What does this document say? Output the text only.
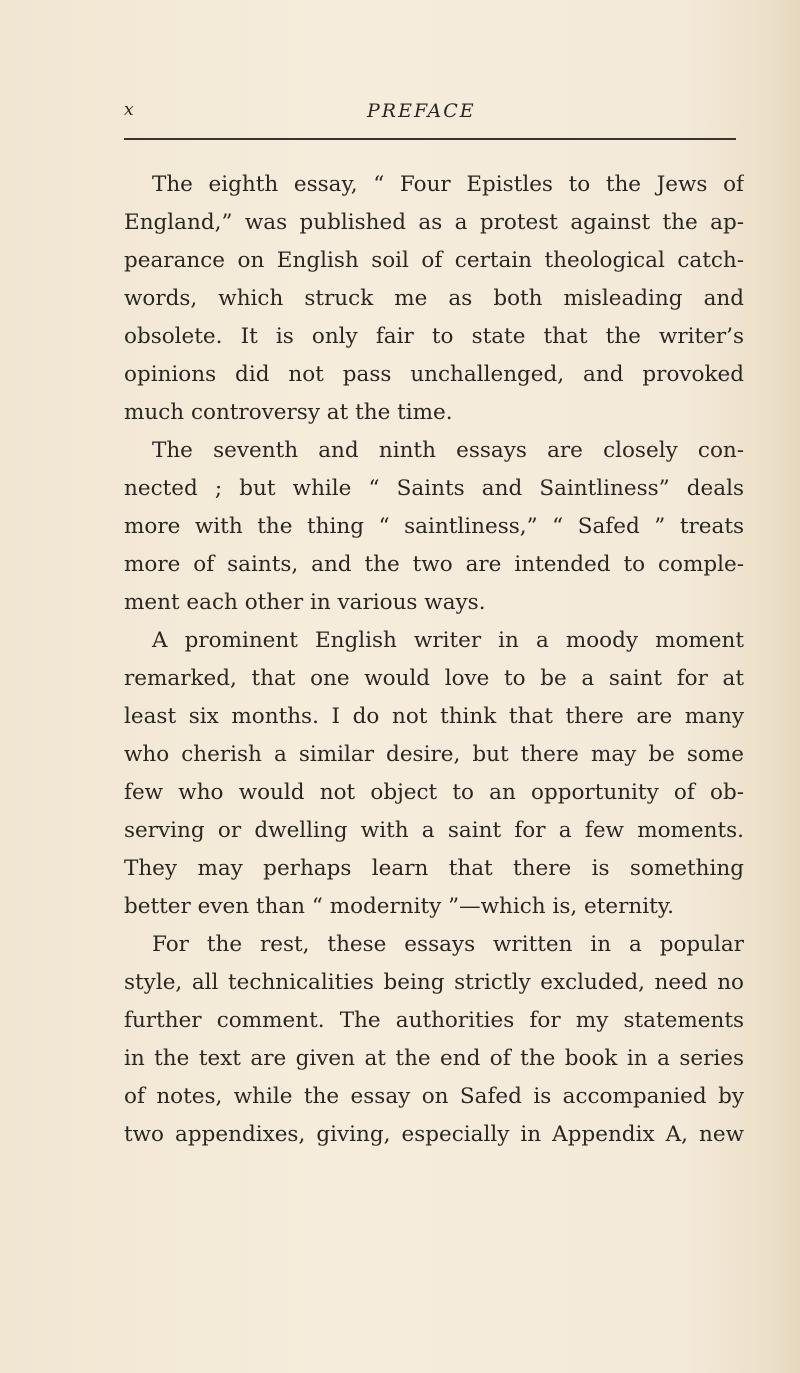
x	PREFACE
The eighth essay, “ Four Epistles to the Jews of
England,” was published as a protest against the ap-
pearance on English soil of certain theological catch-
words, which struck me as both misleading and
obsolete. It is only fair to state that the writer’s
opinions did not pass unchallenged, and provoked
much controversy at the time.
The seventh and ninth essays are closely con-
nected ; but while “ Saints and Saintliness” deals
more with the thing “ saintliness,” “ Safed ” treats
more of saints, and the two are intended to comple-
ment each other in various ways.
A prominent English writer in a moody moment
remarked, that one would love to be a saint for at
least six months. I do not think that there are many
who cherish a similar desire, but there may be some
few who would not object to an opportunity of ob-
serving or dwelling with a saint for a few moments.
They may perhaps learn that there is something
better even than “ modernity ”—which is, eternity.
For the rest, these essays written in a popular
style, all technicalities being strictly excluded, need no
further comment. The authorities for my statements
in the text are given at the end of the book in a series
of notes, while the essay on Safed is accompanied by
two appendixes, giving, especially in Appendix A, new
